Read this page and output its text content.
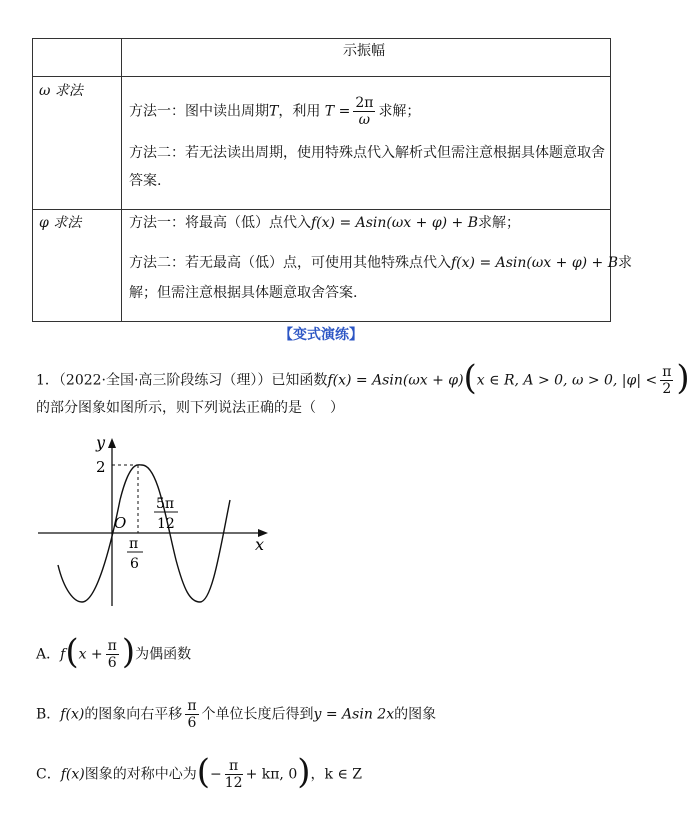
示振幅
ω 求法
方法一：图中读出周期T，利用 $T = \frac{2\pi}{\omega}$ 求解；
方法二：若无法读出周期，使用特殊点代入解析式但需注意根据具体题意取舍
答案.
φ 求法	方法一：将最高（低）点代入f(x) = Asin(ωx + φ) + B求解；
方法二：若无最高（低）点，可使用其他特殊点代入f(x) = Asin(ωx + φ) + B求
解；但需注意根据具体题意取舍答案.
【变式演练】
1．（2022·全国·高三阶段练习（理））已知函数f(x) = Asin(ωx + φ)(x ∈ R, A > 0, ω > 0, $|\varphi| < \frac{\pi}{2}$ )
的部分图象如图所示，则下列说法正确的是（　）
y
x
O
2
π
6
5π
12
A．$f(x + \frac{\pi}{6}$ )为偶函数
B．f(x)的图象向右平移 $\frac{\pi}{6}$ 个单位长度后得到y = Asin 2x的图象
C．f(x)图象的对称中心为(− $\frac{\pi}{12} + k\pi$, 0)，k ∈ Z
